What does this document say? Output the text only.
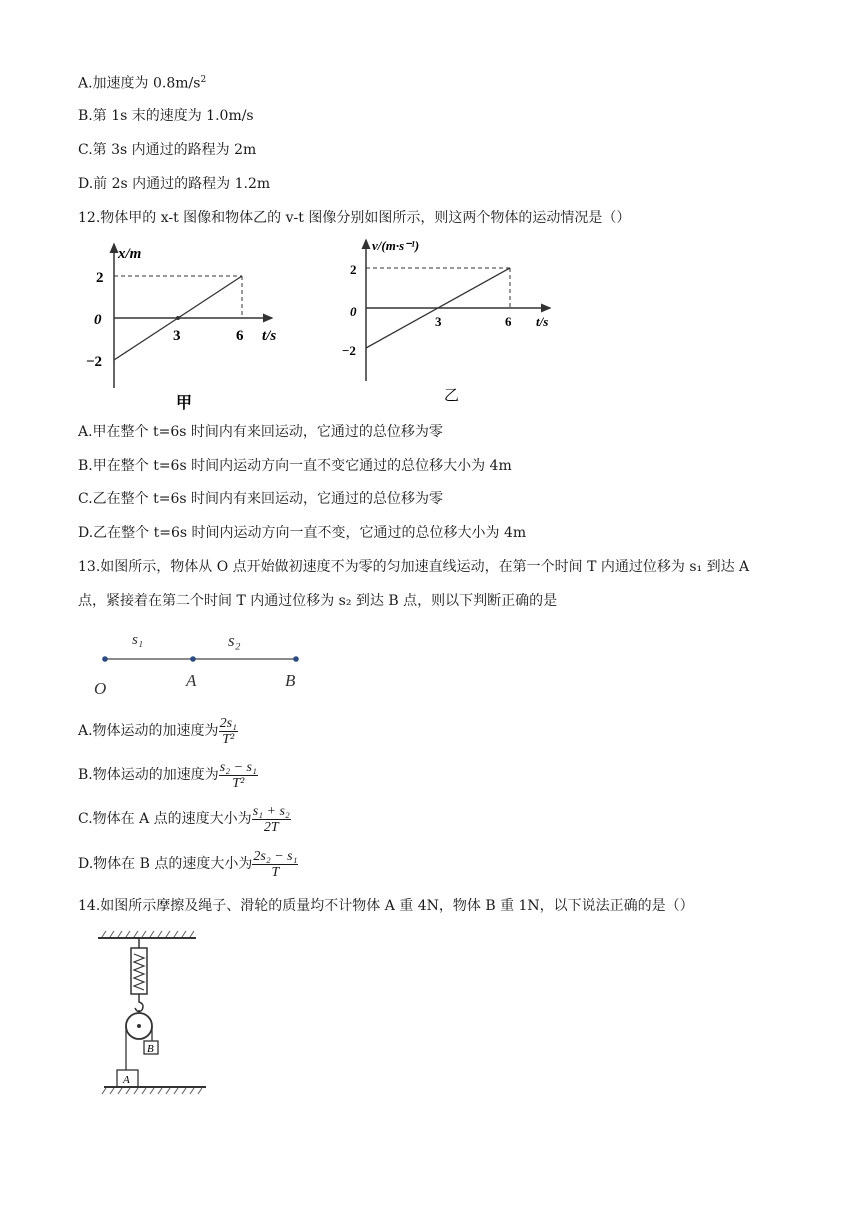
A.加速度为 $0.8m/s^2$
B.第 1s 末的速度为 1.0m/s
C.第 3s 内通过的路程为 2m
D.前 2s 内通过的路程为 1.2m
12.物体甲的 x-t 图像和物体乙的 v-t 图像分别如图所示，则这两个物体的运动情况是（）
x/m
2
0
−2
3	6 t/s
甲
v/(m·s⁻¹)
2
0
−2
3	6 t/s
乙
A.甲在整个 t=6s 时间内有来回运动，它通过的总位移为零
B.甲在整个 t=6s 时间内运动方向一直不变它通过的总位移大小为 4m
C.乙在整个 t=6s 时间内有来回运动，它通过的总位移为零
D.乙在整个 t=6s 时间内运动方向一直不变，它通过的总位移大小为 4m
13.如图所示，物体从 O 点开始做初速度不为零的匀加速直线运动，在第一个时间 T 内通过位移为 s₁ 到达 A
点，紧接着在第二个时间 T 内通过位移为 s₂ 到达 B 点，则以下判断正确的是
s₁	s₂
O	A	B
A.物体运动的加速度为 $\frac{\text{2s₁}}{\text{T²}}$
B.物体运动的加速度为 $\frac{\text{s₂ − s₁}}{\text{T²}}$
C.物体在 A 点的速度大小为 $\frac{\text{s₁ + s₂}}{2T}$
D.物体在 B 点的速度大小为 $\frac{\text{2s₂ − s₁}}{T}$
14.如图所示摩擦及绳子、滑轮的质量均不计物体 A 重 4N，物体 B 重 1N，以下说法正确的是（）
B
A
